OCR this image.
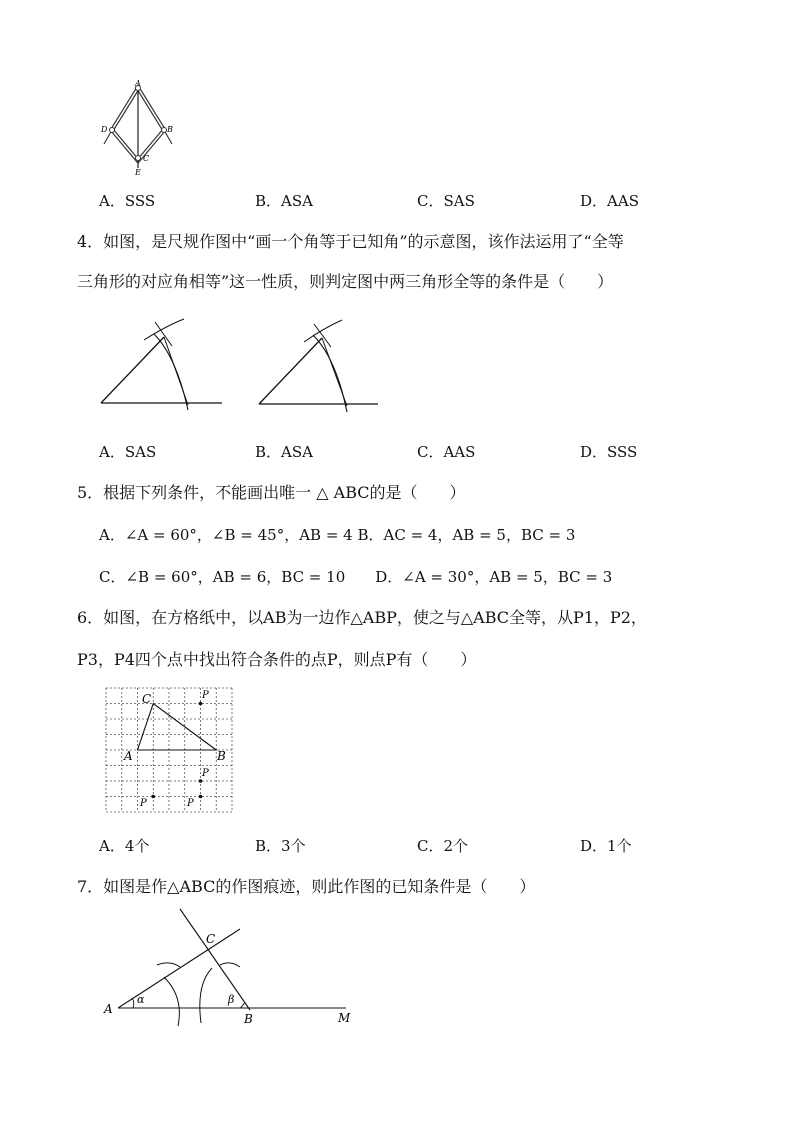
A
D	B
C
E
A．SSS	B．ASA	C．SAS	D．AAS
4．如图，是尺规作图中“画一个角等于已知角”的示意图，该作法运用了“全等
三角形的对应角相等”这一性质，则判定图中两三角形全等的条件是（　　）
A．SAS	B．ASA	C．AAS	D．SSS
5．根据下列条件，不能画出唯一 △ ABC的是（　　）
A．∠A = 60°，∠B = 45°，AB = 4 B．AC = 4，AB = 5，BC = 3
C．∠B = 60°，AB = 6，BC = 10　　D．∠A = 30°，AB = 5，BC = 3
6．如图，在方格纸中，以AB为一边作△ABP，使之与△ABC全等，从P1，P2，
P3，P4四个点中找出符合条件的点P，则点P有（　　）
C
A	B
P
P
P
P
A．4个	B．3个	C．2个	D．1个
7．如图是作△ABC的作图痕迹，则此作图的已知条件是（　　）
A
B
C
M
α	β
